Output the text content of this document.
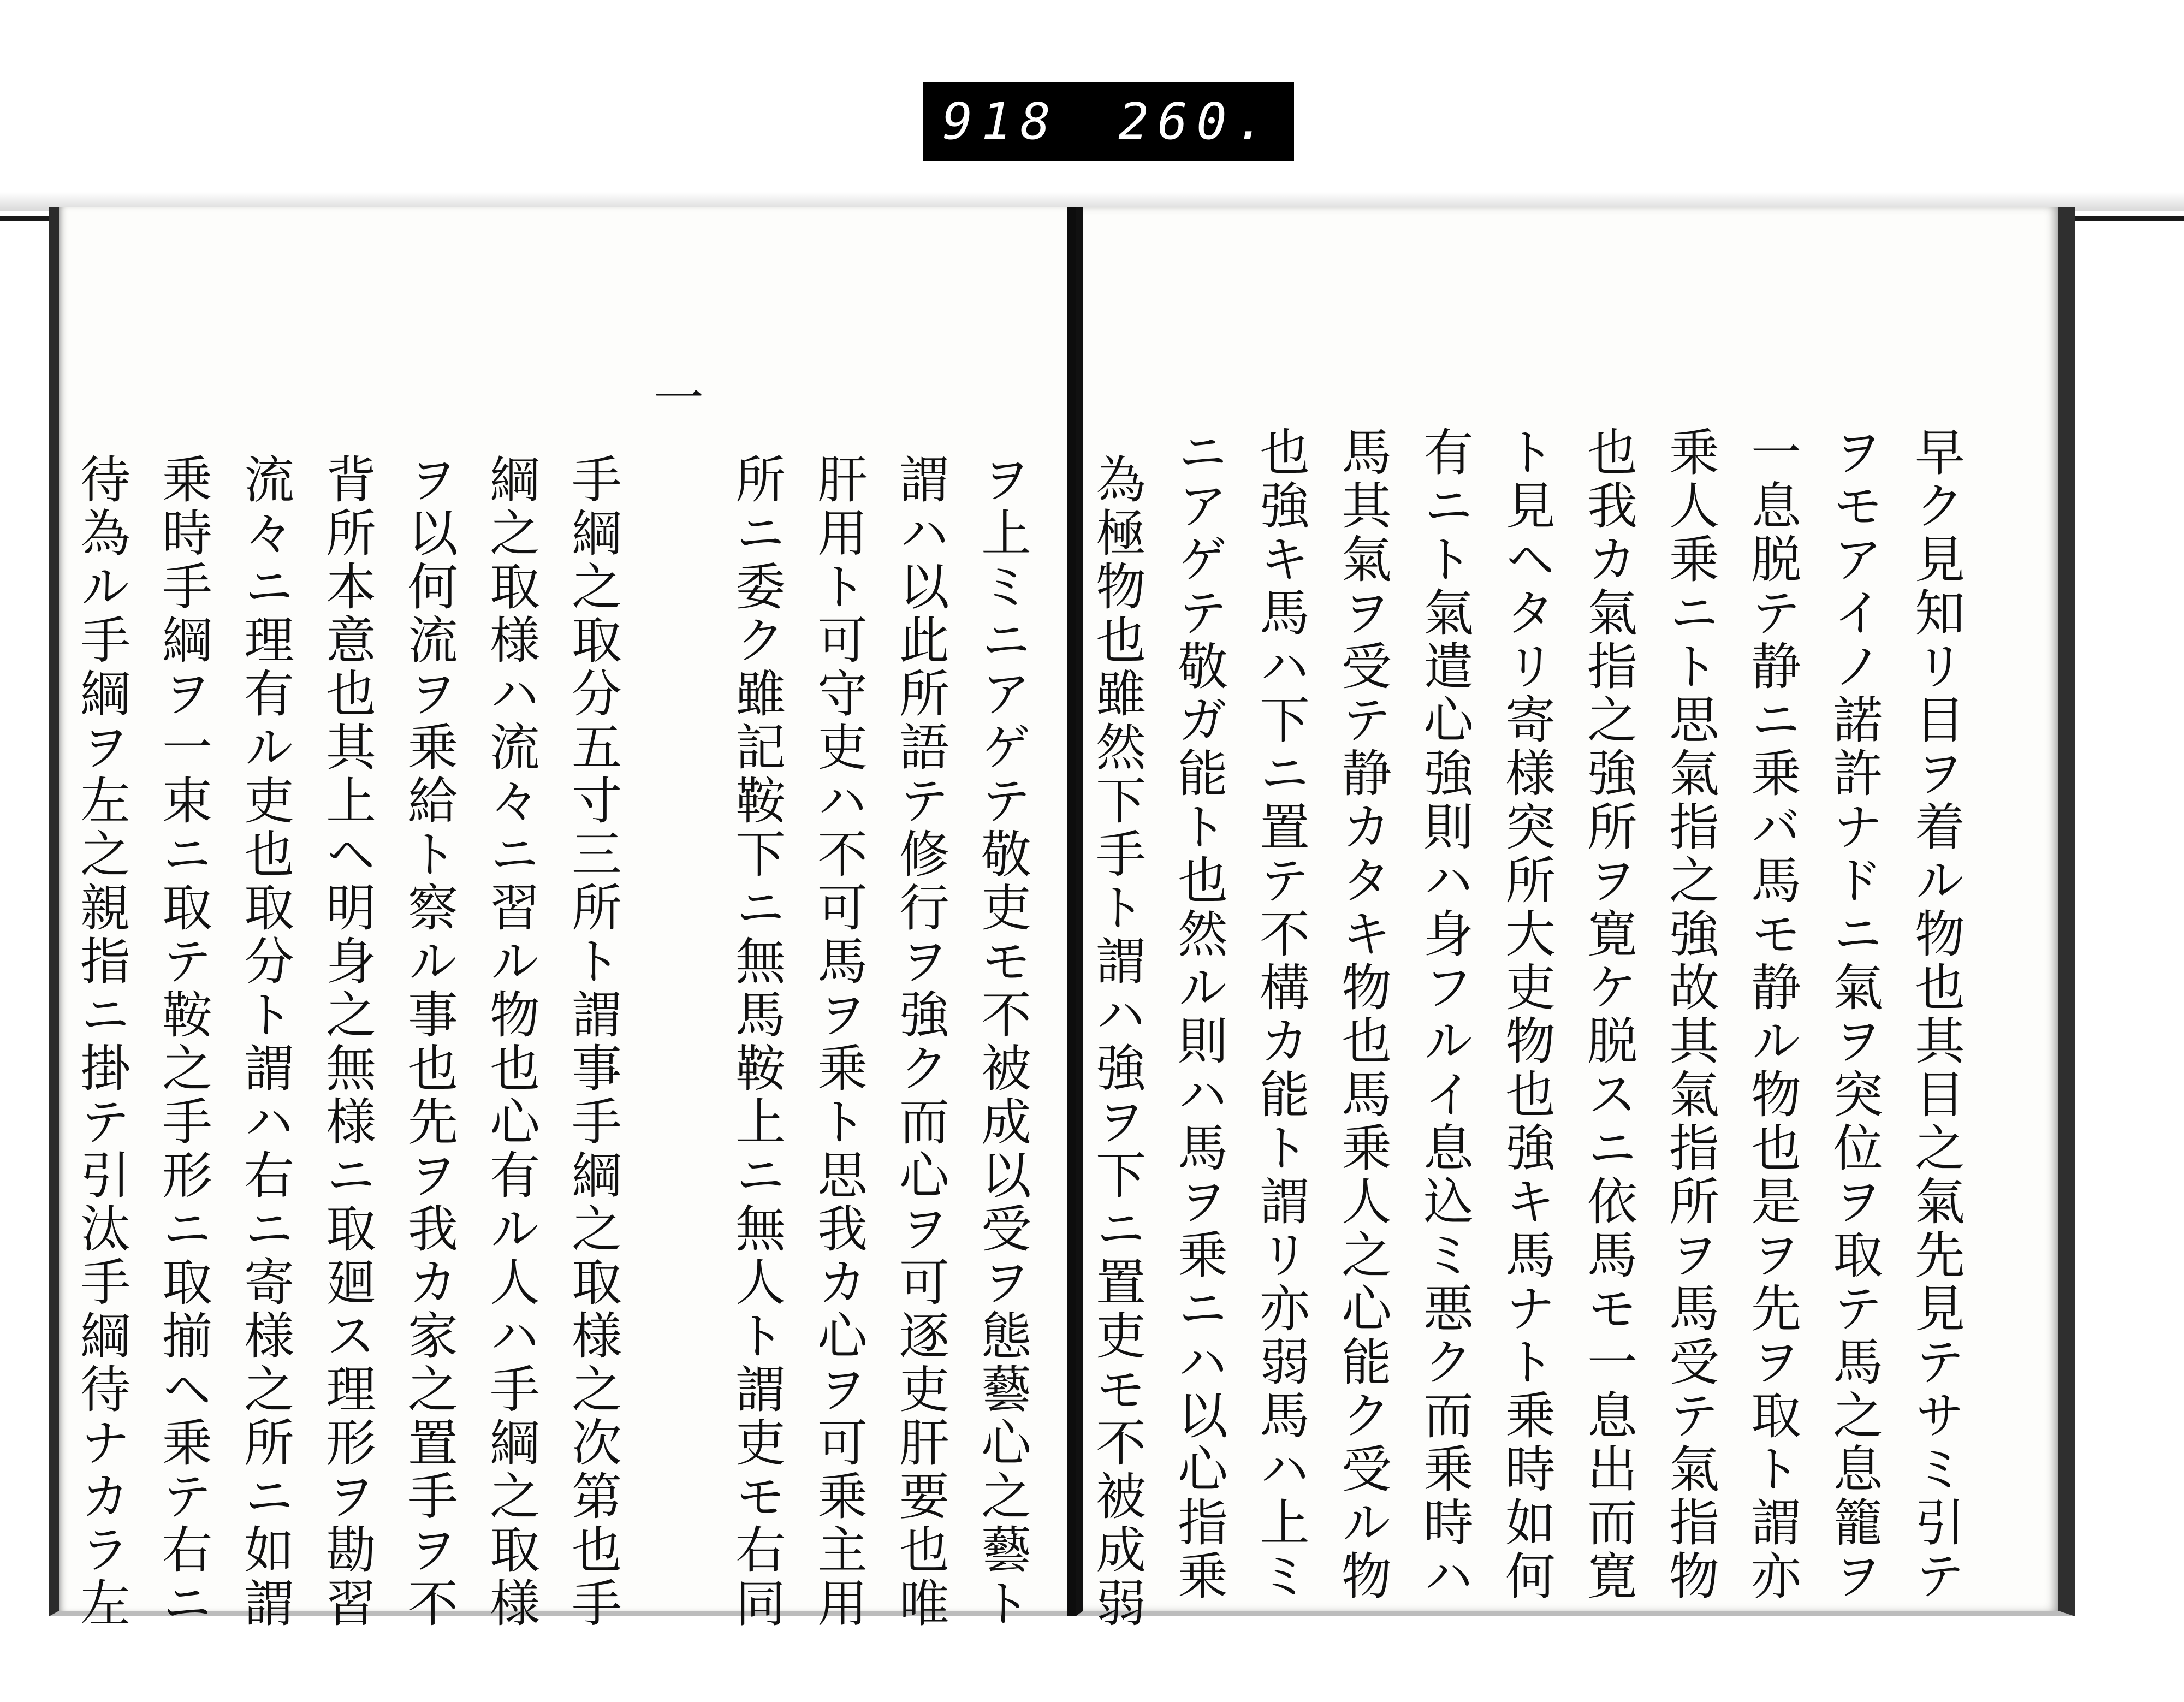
918 260.
ヲ上ミニアゲテ敬吏モ不被成以受ヲ態藝心之藝ト
謂ハ以此所語テ修行ヲ強ク而心ヲ可逐吏肝要也唯
肝用ト可守吏ハ不可馬ヲ乗ト思我カ心ヲ可乗主用
所ニ委ク雖記鞍下ニ無馬鞍上ニ無人ト謂吏モ右同
一
手綱之取分五寸三所ト謂事手綱之取様之次第也手
綱之取様ハ流々ニ習ル物也心有ル人ハ手綱之取様
ヲ以何流ヲ乗給ト察ル事也先ヲ我カ家之置手ヲ不
背所本意也其上ヘ明身之無様ニ取廻ス理形ヲ勘習
流々ニ理有ル吏也取分ト謂ハ右ニ寄様之所ニ如謂
乗時手綱ヲ一束ニ取テ鞍之手形ニ取揃ヘ乗テ右ニ
待為ル手綱ヲ左之親指ニ掛テ引汰手綱待ナカラ左	早ク見知リ目ヲ着ル物也其目之氣先見テサミ引テ
ヲモアイノ諾許ナドニ氣ヲ突位ヲ取テ馬之息籠ヲ
一息脱テ静ニ乗バ馬モ静ル物也是ヲ先ヲ取ト謂亦
乗人乗ニト思氣指之強故其氣指所ヲ馬受テ氣指物
也我カ氣指之強所ヲ寛ケ脱スニ依馬モ一息出而寛
ト見ヘタリ寄様突所大吏物也強キ馬ナト乗時如何
有ニト氣遣心強則ハ身フルイ息込ミ悪ク而乗時ハ
馬其氣ヲ受テ静カタキ物也馬乗人之心能ク受ル物
也強キ馬ハ下ニ置テ不構カ能ト謂リ亦弱馬ハ上ミ
ニアゲテ敬ガ能ト也然ル則ハ馬ヲ乗ニハ以心指乗
為極物也雖然下手ト謂ハ強ヲ下ニ置吏モ不被成弱
